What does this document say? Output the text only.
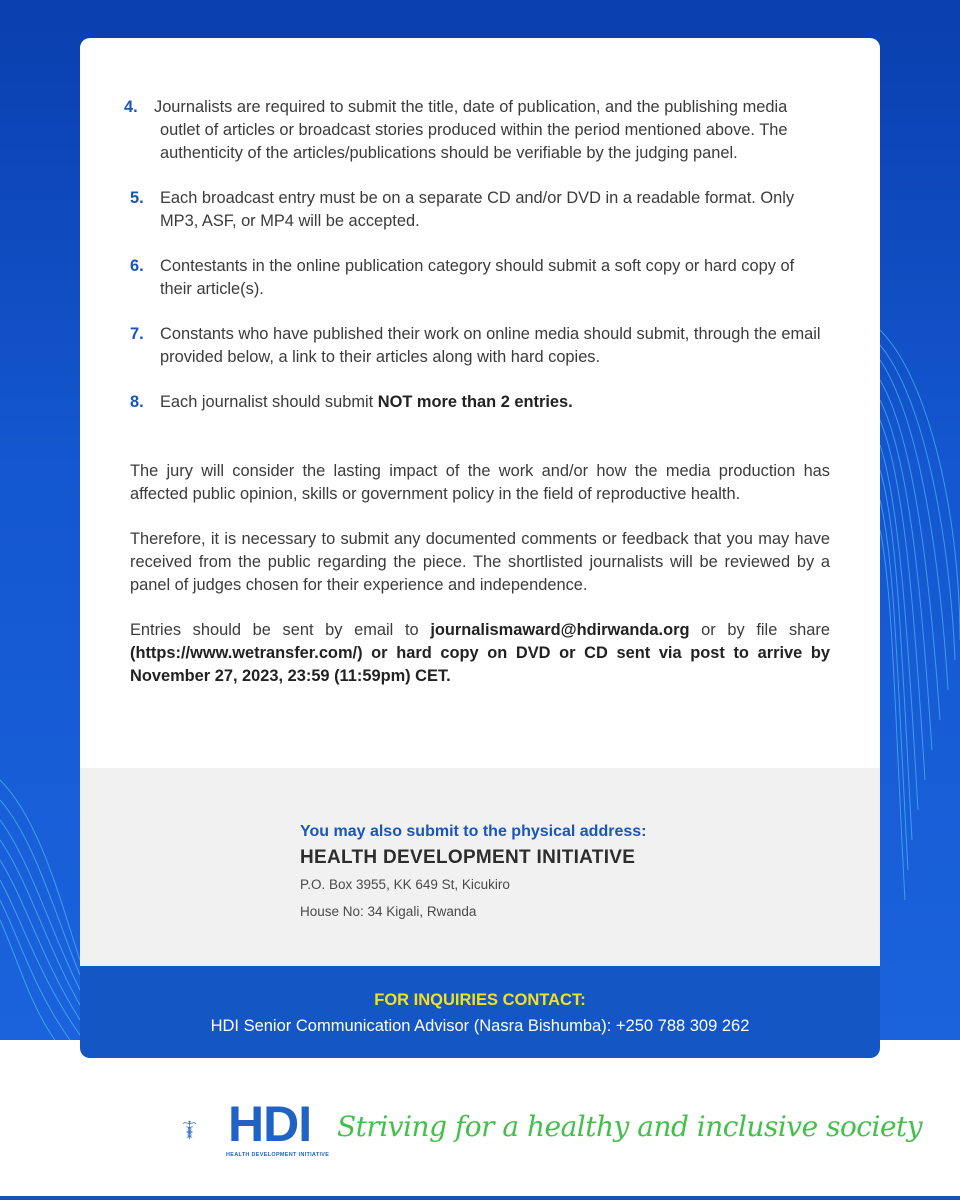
4. Journalists are required to submit the title, date of publication, and the publishing media outlet of articles or broadcast stories produced within the period mentioned above. The authenticity of the articles/publications should be verifiable by the judging panel.
5. Each broadcast entry must be on a separate CD and/or DVD in a readable format. Only MP3, ASF, or MP4 will be accepted.
6. Contestants in the online publication category should submit a soft copy or hard copy of their article(s).
7. Constants who have published their work on online media should submit, through the email provided below, a link to their articles along with hard copies.
8. Each journalist should submit NOT more than 2 entries.

The jury will consider the lasting impact of the work and/or how the media production has affected public opinion, skills or government policy in the field of reproductive health.

Therefore, it is necessary to submit any documented comments or feedback that you may have received from the public regarding the piece. The shortlisted journalists will be reviewed by a panel of judges chosen for their experience and independence.

Entries should be sent by email to journalismaward@hdirwanda.org or by file share (https://www.wetransfer.com/) or hard copy on DVD or CD sent via post to arrive by November 27, 2023, 23:59 (11:59pm) CET.

You may also submit to the physical address:
HEALTH DEVELOPMENT INITIATIVE
P.O. Box 3955, KK 649 St, Kicukiro
House No: 34 Kigali, Rwanda
FOR INQUIRIES CONTACT:
HDI Senior Communication Advisor (Nasra Bishumba): +250 788 309 262
HDI
HEALTH DEVELOPMENT INITIATIVE
Striving for a healthy and inclusive society
